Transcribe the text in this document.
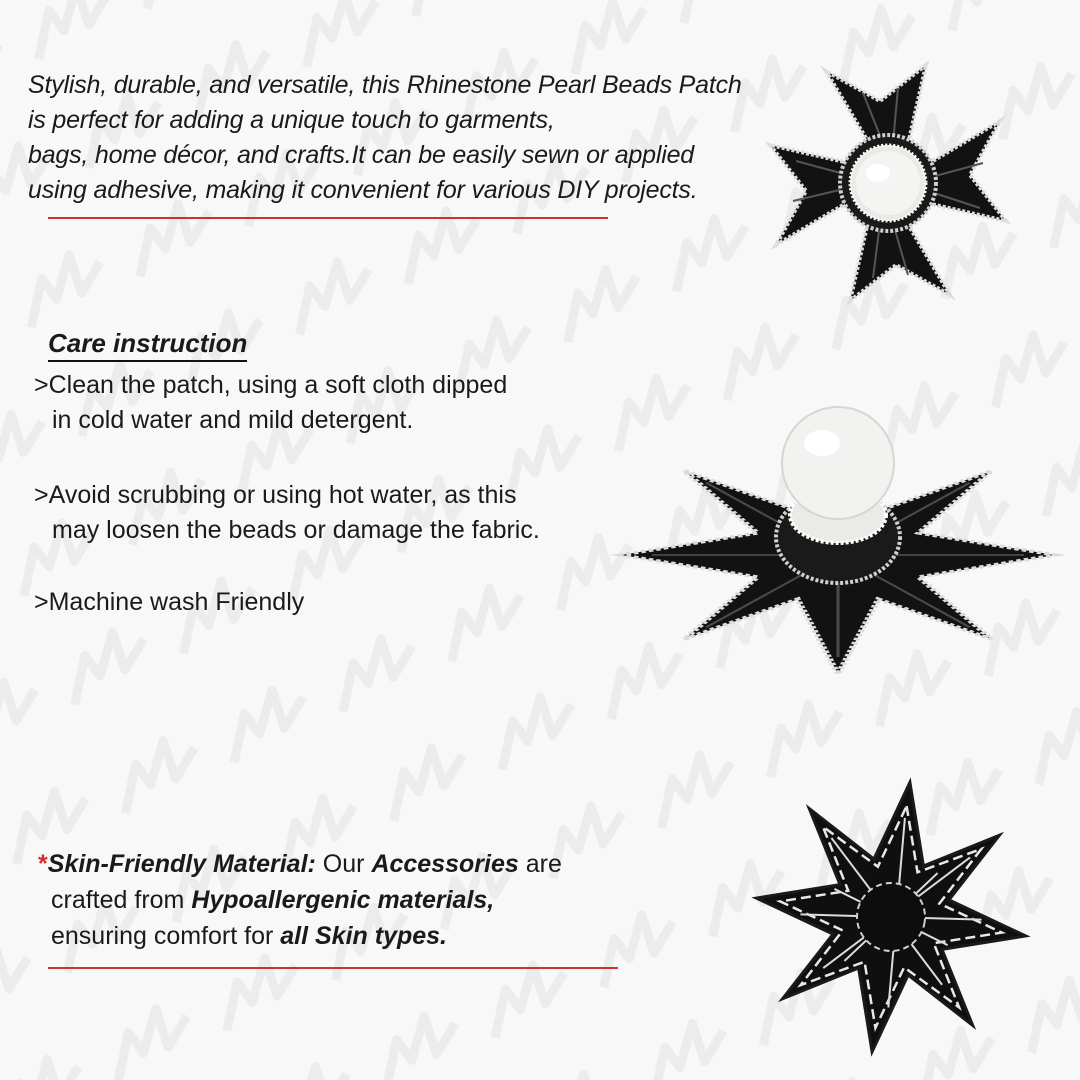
Stylish, durable, and versatile, this Rhinestone Pearl Beads Patch
is perfect for adding a unique touch to garments,
bags, home décor, and crafts.It can be easily sewn or applied
using adhesive, making it convenient for various DIY projects.
Care instruction
>Clean the patch, using a soft cloth dipped
in cold water and mild detergent.
>Avoid scrubbing or using hot water, as this
may loosen the beads or damage the fabric.
>Machine wash Friendly
*Skin-Friendly Material: Our Accessories are
crafted from Hypoallergenic materials,
ensuring comfort for all Skin types.
